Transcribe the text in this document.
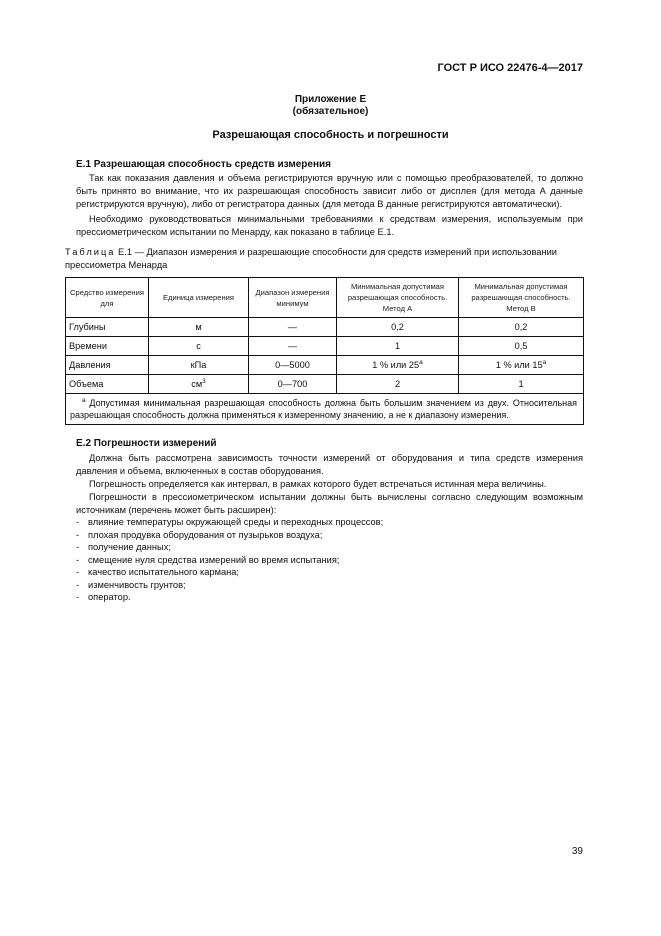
ГОСТ Р ИСО 22476-4—2017
Приложение Е
(обязательное)
Разрешающая способность и погрешности
Е.1 Разрешающая способность средств измерения

Так как показания давления и объема регистрируются вручную или с помощью преобразователей, то должно быть принято во внимание, что их разрешающая способность зависит либо от дисплея (для метода А данные регистрируются вручную), либо от регистратора данных (для метода В данные регистрируются автоматически).

Необходимо руководствоваться минимальными требованиями к средствам измерения, используемым при прессиометрическом испытании по Менарду, как показано в таблице Е.1.

Таблица Е.1 — Диапазон измерения и разрешающие способности для средств измерений при использовании прессиометра Менарда

Средство измерения для	Единица измерения	Диапазон измерения минимум	Минимальная допустимая разрешающая способность. Метод А	Минимальная допустимая разрешающая способность. Метод В
Глубины	м	—	0,2	0,2
Времени	с	—	1	0,5
Давления	кПа	0—5000	1 % или $25^а$	1 % или $15^а$
Объема	$см^3$	0—700	2	1
$^а$ Допустимая минимальная разрешающая способность должна быть большим значением из двух. Относительная разрешающая способность должна применяться к измеренному значению, а не к диапазону измерения.				
Е.2 Погрешности измерений

Должна быть рассмотрена зависимость точности измерений от оборудования и типа средств измерения давления и объема, включенных в состав оборудования.

Погрешность определяется как интервал, в рамках которого будет встречаться истинная мера величины.

Погрешности в прессиометрическом испытании должны быть вычислены согласно следующим возможным источникам (перечень может быть расширен):

- влияние температуры окружающей среды и переходных процессов;
- плохая продувка оборудования от пузырьков воздуха;
- получение данных;
- смещение нуля средства измерений во время испытания;
- качество испытательного кармана;
- изменчивость грунтов;
- оператор.
39
